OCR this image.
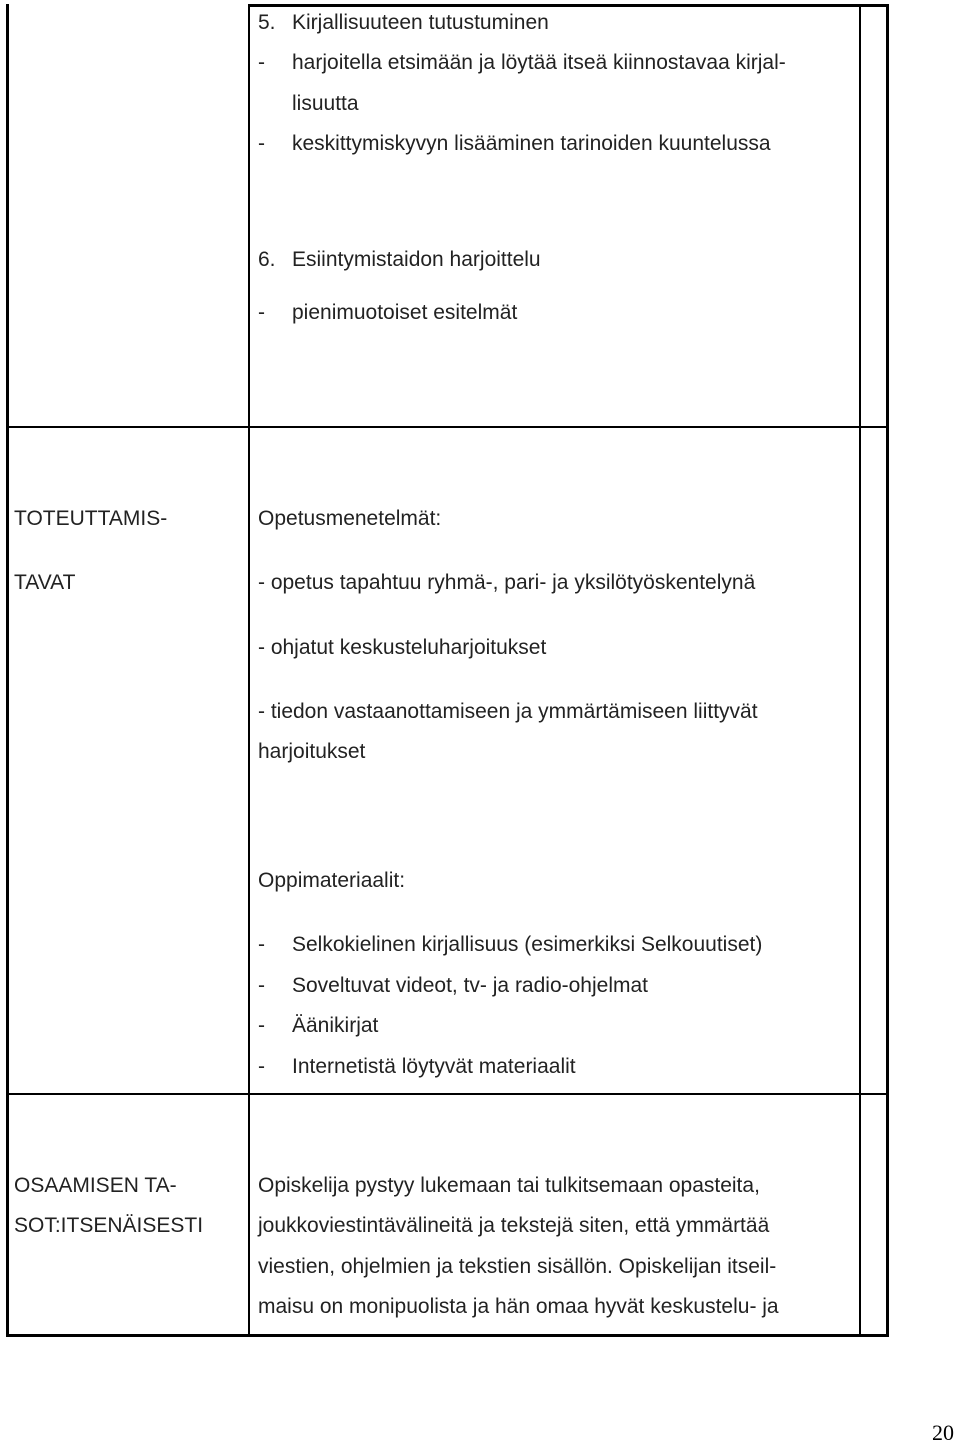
5. Kirjallisuuteen tutustuminen
- harjoitella etsimään ja löytää itseä kiinnostavaa kirjal-
lisuutta
- keskittymiskyvyn lisääminen tarinoiden kuuntelussa
6. Esiintymistaidon harjoittelu
- pienimuotoiset esitelmät
TOTEUTTAMIS-
TAVAT
Opetusmenetelmät:
- opetus tapahtuu ryhmä-, pari- ja yksilötyöskentelynä
- ohjatut keskusteluharjoitukset
- tiedon vastaanottamiseen ja ymmärtämiseen liittyvät
harjoitukset
Oppimateriaalit:
- Selkokielinen kirjallisuus (esimerkiksi Selkouutiset)
- Soveltuvat videot, tv- ja radio-ohjelmat
- Äänikirjat
- Internetistä löytyvät materiaalit
OSAAMISEN TA-
SOT:ITSENÄISESTI
Opiskelija pystyy lukemaan tai tulkitsemaan opasteita,
joukkoviestintävälineitä ja tekstejä siten, että ymmärtää
viestien, ohjelmien ja tekstien sisällön. Opiskelijan itseil-
maisu on monipuolista ja hän omaa hyvät keskustelu- ja
20
